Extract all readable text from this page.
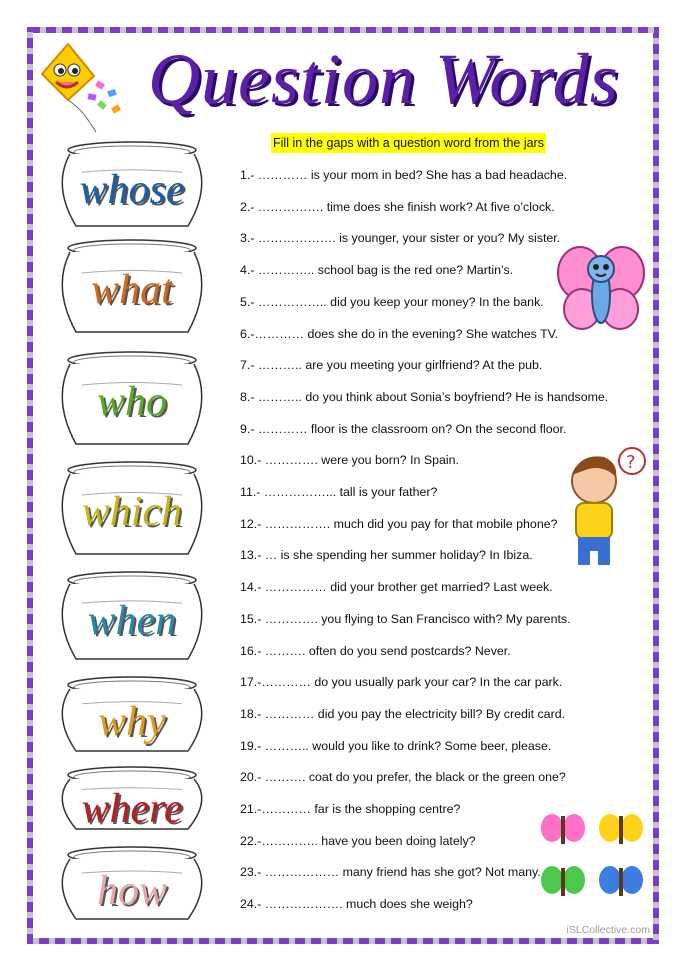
Question Words
Fill in the gaps with a question word from the jars
whose
what
who
which
when
why
where
how
1.- ………… is your mom in bed? She has a bad headache.
2.- ……………. time does she finish work? At five o’clock.
3.- ………………. is younger, your sister or you? My sister.
4.- ………….. school bag is the red one? Martin’s.
5.- …………….. did you keep your money? In the bank.
6.-………… does she do in the evening? She watches TV.
7.- ……….. are you meeting your girlfriend? At the pub.
8.- ……….. do you think about Sonia’s boyfriend? He is handsome.
9.- ………… floor is the classroom on? On the second floor.
10.- …………. were you born? In Spain.
11.- ……………... tall is your father?
12.- ……………. much did you pay for that mobile phone?
13.- … is she spending her summer holiday? In Ibiza.
14.- …………… did your brother get married? Last week.
15.- …………. you flying to San Francisco with? My parents.
16.- ………. often do you send postcards? Never.
17.-………… do you usually park your car? In the car park.
18.- ………… did you pay the electricity bill? By credit card.
19.- ……….. would you like to drink? Some beer, please.
20.- ………. coat do you prefer, the black or the green one?
21.-………… far is the shopping centre?
22.-………….. have you been doing lately?
23.- ……………… many friend has she got? Not many.
24.- ………………. much does she weigh?
?
iSLCollective.com
